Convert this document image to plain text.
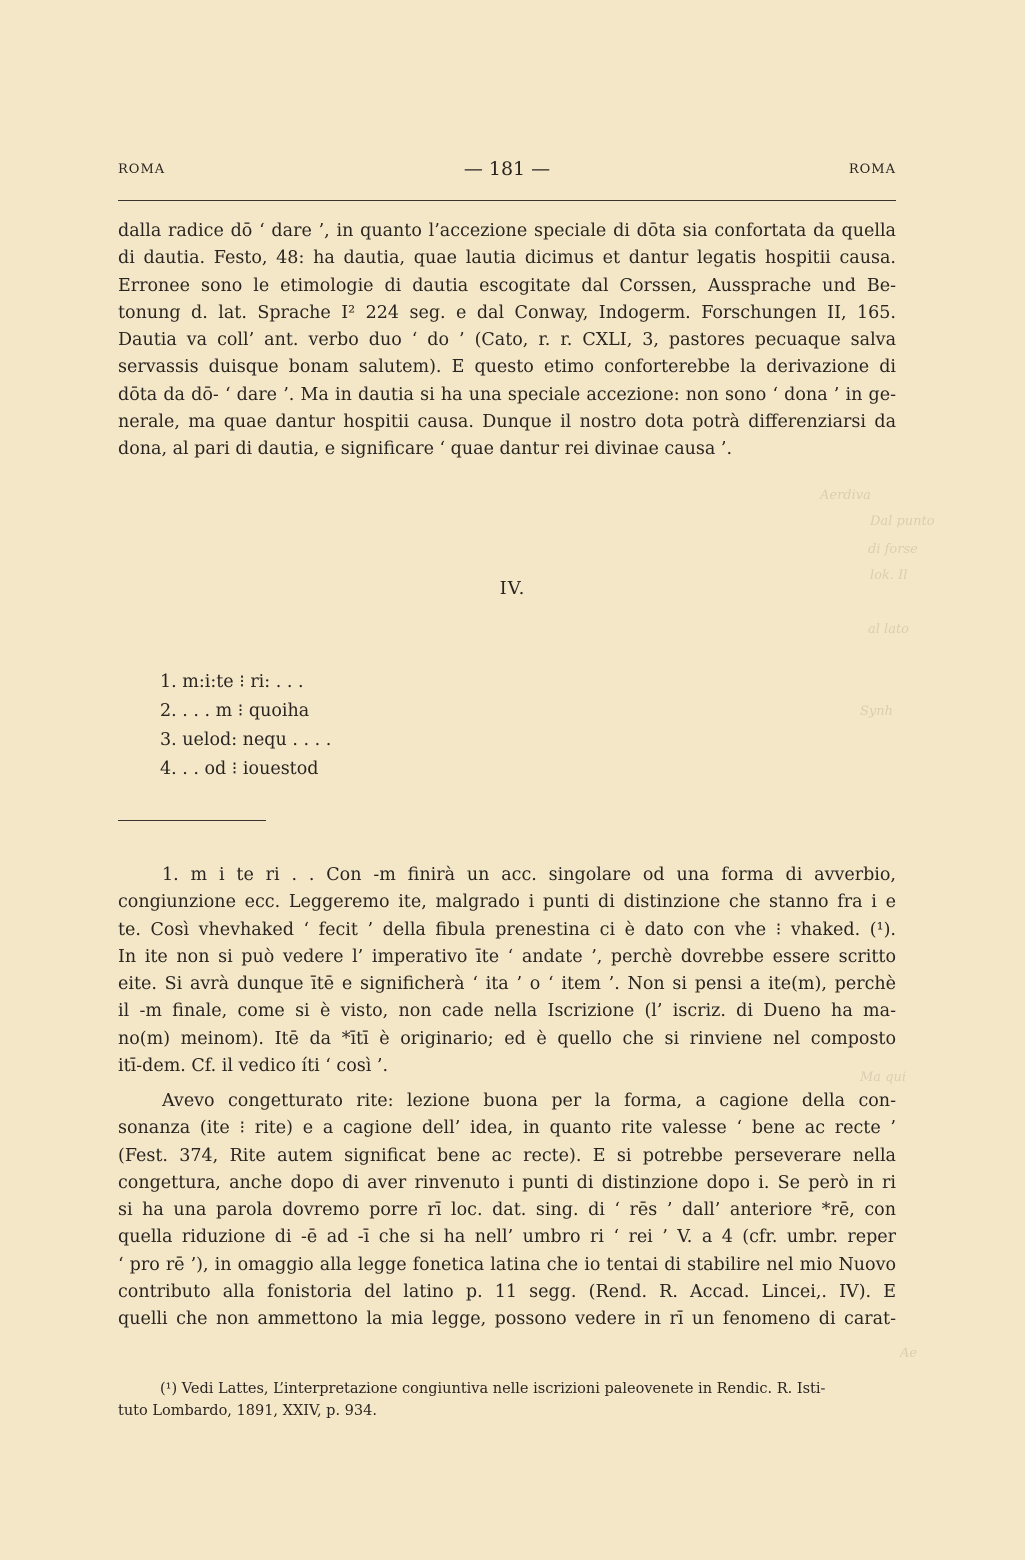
Aerdiva
Dal punto
di forse
lok. Il
al lato
Synh
Ma qui
Ae
ROMA	— 181 —	ROMA
dalla radice dō ‘ dare ’, in quanto l’accezione speciale di dōta sia confortata da quella
di dautia. Festo, 48: ha dautia, quae lautia dicimus et dantur legatis hospitii causa.
Erronee sono le etimologie di dautia escogitate dal Corssen, Aussprache und Be-
tonung d. lat. Sprache I² 224 seg. e dal Conway, Indogerm. Forschungen II, 165.
Dautia va coll’ ant. verbo duo ‘ do ’ (Cato, r. r. CXLI, 3, pastores pecuaque salva
servassis duisque bonam salutem). E questo etimo conforterebbe la derivazione di
dōta da dō- ‘ dare ’. Ma in dautia si ha una speciale accezione: non sono ‘ dona ’ in ge-
nerale, ma quae dantur hospitii causa. Dunque il nostro dota potrà differenziarsi da
dona, al pari di dautia, e significare ‘ quae dantur rei divinae causa ’.
IV.
1. m:i:te ⁝ ri: . . .
2. . . . m ⁝ quoiha
3. uelod: nequ . . . .
4. . . od ⁝ iouestod
1. m i te ri . . Con -m finirà un acc. singolare od una forma di avverbio,
congiunzione ecc. Leggeremo ite, malgrado i punti di distinzione che stanno fra i e
te. Così vhevhaked ‘ fecit ’ della fibula prenestina ci è dato con vhe ⁝ vhaked. (¹).
In ite non si può vedere l’ imperativo īte ‘ andate ’, perchè dovrebbe essere scritto
eite. Si avrà dunque ītē e significherà ‘ ita ’ o ‘ item ’. Non si pensi a ite(m), perchè
il -m finale, come si è visto, non cade nella Iscrizione (l’ iscriz. di Dueno ha ma-
no(m) meinom). Itē da *ītī è originario; ed è quello che si rinviene nel composto
itī-dem. Cf. il vedico íti ‘ così ’.
Avevo congetturato rite: lezione buona per la forma, a cagione della con-
sonanza (ite ⁝ rite) e a cagione dell’ idea, in quanto rite valesse ‘ bene ac recte ’
(Fest. 374, Rite autem significat bene ac recte). E si potrebbe perseverare nella
congettura, anche dopo di aver rinvenuto i punti di distinzione dopo i. Se però in ri
si ha una parola dovremo porre rī loc. dat. sing. di ‘ rēs ’ dall’ anteriore *rē, con
quella riduzione di -ē ad -ī che si ha nell’ umbro ri ‘ rei ’ V. a 4 (cfr. umbr. reper
‘ pro rē ’), in omaggio alla legge fonetica latina che io tentai di stabilire nel mio Nuovo
contributo alla fonistoria del latino p. 11 segg. (Rend. R. Accad. Lincei,. IV). E
quelli che non ammettono la mia legge, possono vedere in rī un fenomeno di carat-
(¹) Vedi Lattes, L’interpretazione congiuntiva nelle iscrizioni paleovenete in Rendic. R. Isti-
tuto Lombardo, 1891, XXIV, p. 934.
